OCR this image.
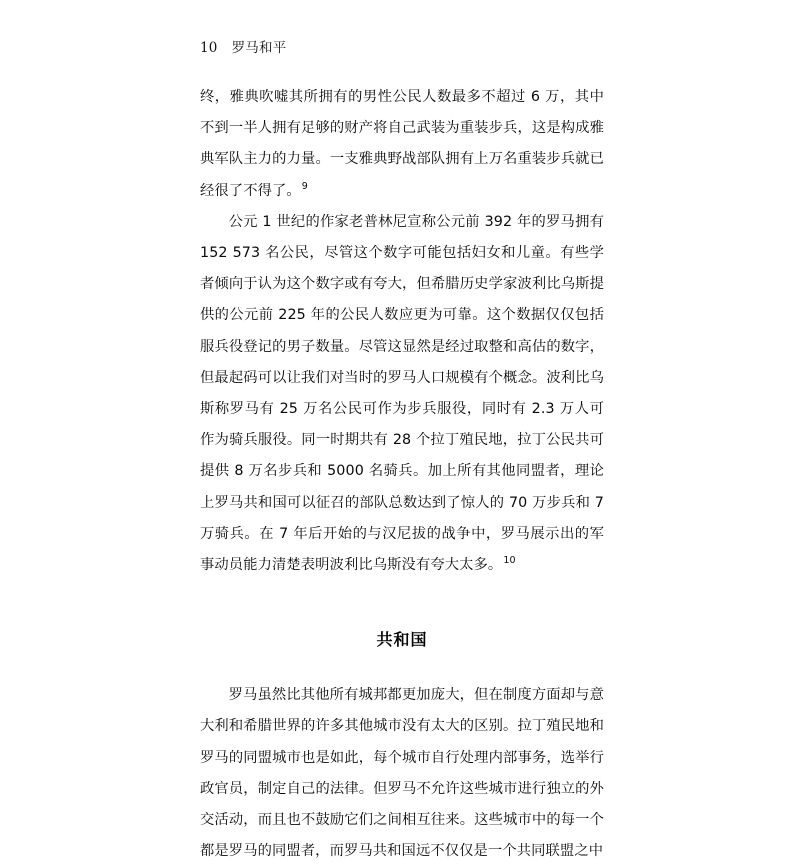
10 罗马和平

终，雅典吹嘘其所拥有的男性公民人数最多不超过 6 万，其中不到一半人拥有足够的财产将自己武装为重装步兵，这是构成雅典军队主力的力量。一支雅典野战部队拥有上万名重装步兵就已经很了不得了。$^9$

公元 1 世纪的作家老普林尼宣称公元前 392 年的罗马拥有 152 573 名公民，尽管这个数字可能包括妇女和儿童。有些学者倾向于认为这个数字或有夸大，但希腊历史学家波利比乌斯提供的公元前 225 年的公民人数应更为可靠。这个数据仅仅包括服兵役登记的男子数量。尽管这显然是经过取整和高估的数字，但最起码可以让我们对当时的罗马人口规模有个概念。波利比乌斯称罗马有 25 万名公民可作为步兵服役，同时有 2.3 万人可作为骑兵服役。同一时期共有 28 个拉丁殖民地，拉丁公民共可提供 8 万名步兵和 5000 名骑兵。加上所有其他同盟者，理论上罗马共和国可以征召的部队总数达到了惊人的 70 万步兵和 7 万骑兵。在 7 年后开始的与汉尼拔的战争中，罗马展示出的军事动员能力清楚表明波利比乌斯没有夸大太多。$^{10}$

共和国

罗马虽然比其他所有城邦都更加庞大，但在制度方面却与意大利和希腊世界的许多其他城市没有太大的区别。拉丁殖民地和罗马的同盟城市也是如此，每个城市自行处理内部事务，选举行政官员，制定自己的法律。但罗马不允许这些城市进行独立的外交活动，而且也不鼓励它们之间相互往来。这些城市中的每一个都是罗马的同盟者，而罗马共和国远不仅仅是一个共同联盟之中
